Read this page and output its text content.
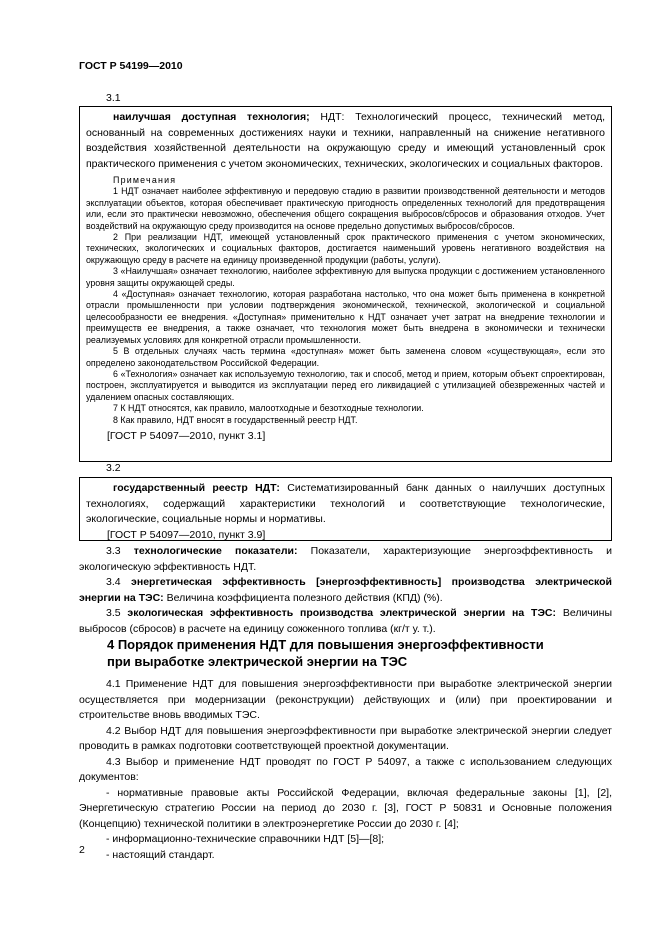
ГОСТ Р 54199—2010
3.1

наилучшая доступная технология; НДТ: Технологический процесс, технический метод, основанный на современных достижениях науки и техники, направленный на снижение негативного воздействия хозяйственной деятельности на окружающую среду и имеющий установленный срок практического применения с учетом экономических, технических, экологических и социальных факторов.

Примечания

1 НДТ означает наиболее эффективную и передовую стадию в развитии производственной деятельности и методов эксплуатации объектов, которая обеспечивает практическую пригодность определенных технологий для предотвращения или, если это практически невозможно, обеспечения общего сокращения выбросов/сбросов и образования отходов. Учет воздействий на окружающую среду производится на основе предельно допустимых выбросов/сбросов.

2 При реализации НДТ, имеющей установленный срок практического применения с учетом экономических, технических, экологических и социальных факторов, достигается наименьший уровень негативного воздействия на окружающую среду в расчете на единицу произведенной продукции (работы, услуги).

3 «Наилучшая» означает технологию, наиболее эффективную для выпуска продукции с достижением установленного уровня защиты окружающей среды.

4 «Доступная» означает технологию, которая разработана настолько, что она может быть применена в конкретной отрасли промышленности при условии подтверждения экономической, технической, экологической и социальной целесообразности ее внедрения. «Доступная» применительно к НДТ означает учет затрат на внедрение технологии и преимуществ ее внедрения, а также означает, что технология может быть внедрена в экономически и технически реализуемых условиях для конкретной отрасли промышленности.

5 В отдельных случаях часть термина «доступная» может быть заменена словом «существующая», если это определено законодательством Российской Федерации.

6 «Технология» означает как используемую технологию, так и способ, метод и прием, которым объект спроектирован, построен, эксплуатируется и выводится из эксплуатации перед его ликвидацией с утилизацией обезвреженных частей и удалением опасных составляющих.

7 К НДТ относятся, как правило, малоотходные и безотходные технологии.

8 Как правило, НДТ вносят в государственный реестр НДТ.

[ГОСТ Р 54097—2010, пункт 3.1]

3.2

государственный реестр НДТ: Систематизированный банк данных о наилучших доступных технологиях, содержащий характеристики технологий и соответствующие технологические, экологические, социальные нормы и нормативы.

[ГОСТ Р 54097—2010, пункт 3.9]

3.3 технологические показатели: Показатели, характеризующие энергоэффективность и экологическую эффективность НДТ.

3.4 энергетическая эффективность [энергоэффективность] производства электрической энергии на ТЭС: Величина коэффициента полезного действия (КПД) (%).

3.5 экологическая эффективность производства электрической энергии на ТЭС: Величины выбросов (сбросов) в расчете на единицу сожженного топлива (кг/т у. т.).

4 Порядок применения НДТ для повышения энергоэффективности
при выработке электрической энергии на ТЭС

4.1 Применение НДТ для повышения энергоэффективности при выработке электрической энергии осуществляется при модернизации (реконструкции) действующих и (или) при проектировании и строительстве вновь вводимых ТЭС.

4.2 Выбор НДТ для повышения энергоэффективности при выработке электрической энергии следует проводить в рамках подготовки соответствующей проектной документации.

4.3 Выбор и применение НДТ проводят по ГОСТ Р 54097, а также с использованием следующих документов:

- нормативные правовые акты Российской Федерации, включая федеральные законы [1], [2], Энергетическую стратегию России на период до 2030 г. [3], ГОСТ Р 50831 и Основные положения (Концепцию) технической политики в электроэнергетике России до 2030 г. [4];

- информационно-технические справочники НДТ [5]—[8];

- настоящий стандарт.

2
